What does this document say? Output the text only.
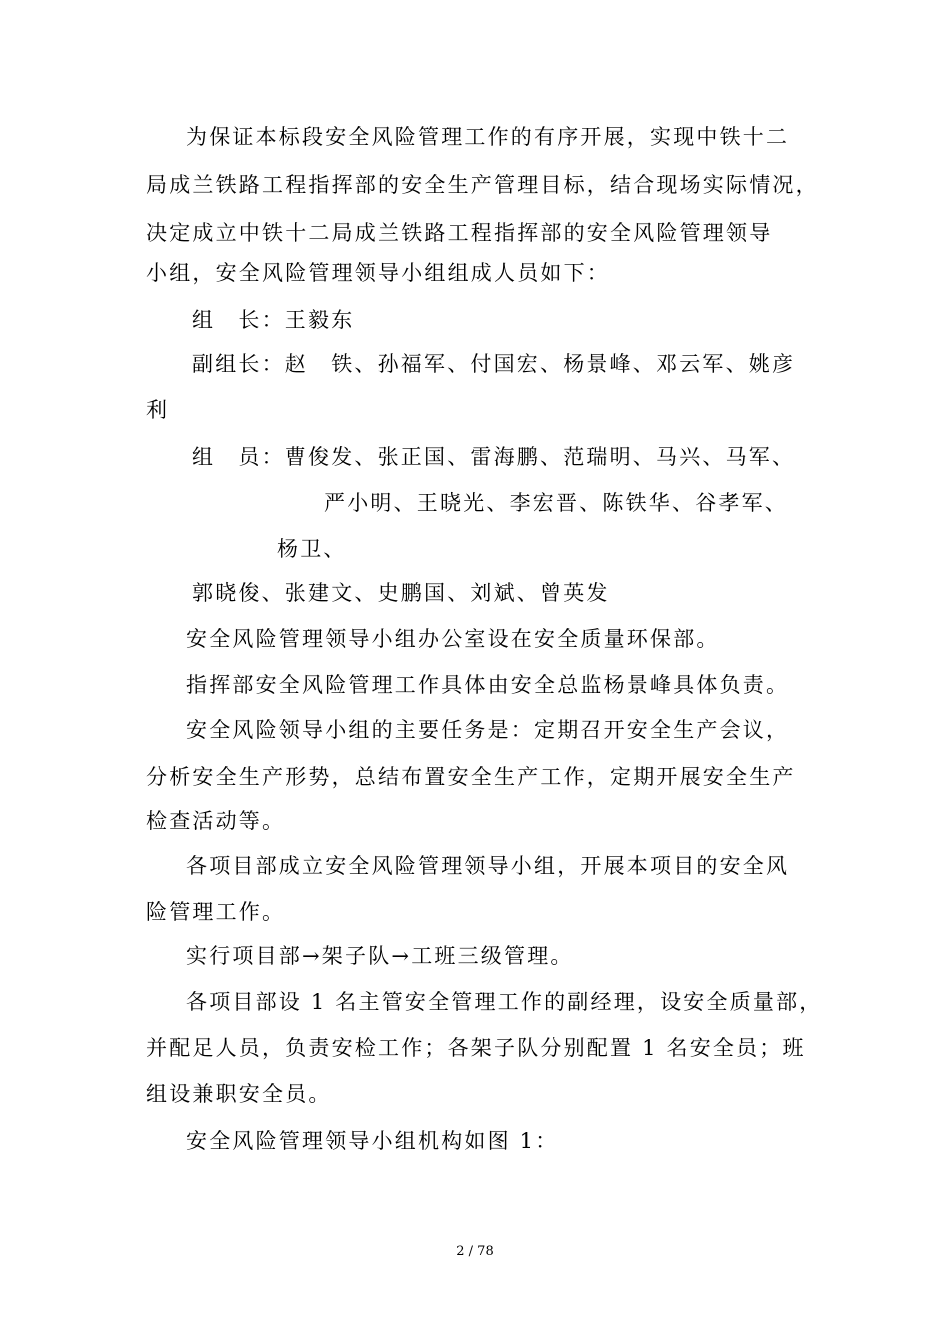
为保证本标段安全风险管理工作的有序开展，实现中铁十二
局成兰铁路工程指挥部的安全生产管理目标，结合现场实际情况，
决定成立中铁十二局成兰铁路工程指挥部的安全风险管理领导
小组，安全风险管理领导小组组成人员如下：
组　长：王毅东
副组长：赵　铁、孙福军、付国宏、杨景峰、邓云军、姚彦
利
组　员：曹俊发、张正国、雷海鹏、范瑞明、马兴、马军、
严小明、王晓光、李宏晋、陈铁华、谷孝军、
杨卫、
郭晓俊、张建文、史鹏国、刘斌、曾英发
安全风险管理领导小组办公室设在安全质量环保部。
指挥部安全风险管理工作具体由安全总监杨景峰具体负责。
安全风险领导小组的主要任务是：定期召开安全生产会议，
分析安全生产形势，总结布置安全生产工作，定期开展安全生产
检查活动等。
各项目部成立安全风险管理领导小组，开展本项目的安全风
险管理工作。
实行项目部→架子队→工班三级管理。
各项目部设 1 名主管安全管理工作的副经理，设安全质量部，
并配足人员，负责安检工作；各架子队分别配置 1 名安全员；班
组设兼职安全员。
安全风险管理领导小组机构如图 1：
2 / 78
